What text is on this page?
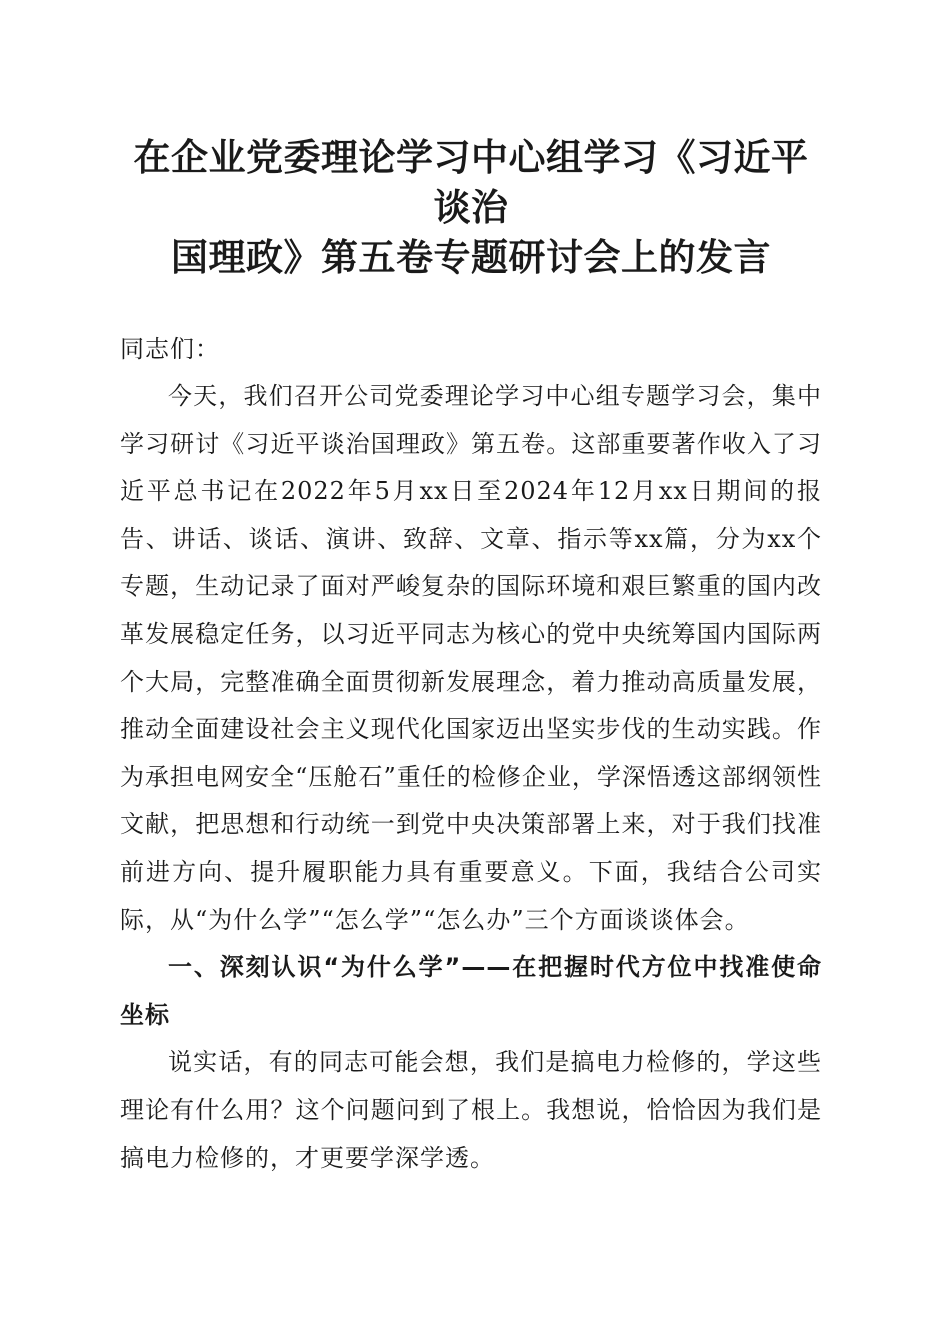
在企业党委理论学习中心组学习《习近平谈治
国理政》第五卷专题研讨会上的发言

同志们：

今天，我们召开公司党委理论学习中心组专题学习会，集中学习研讨《习近平谈治国理政》第五卷。这部重要著作收入了习近平总书记在2022年5月xx日至2024年12月xx日期间的报告、讲话、谈话、演讲、致辞、文章、指示等xx篇，分为xx个专题，生动记录了面对严峻复杂的国际环境和艰巨繁重的国内改革发展稳定任务，以习近平同志为核心的党中央统筹国内国际两个大局，完整准确全面贯彻新发展理念，着力推动高质量发展，推动全面建设社会主义现代化国家迈出坚实步伐的生动实践。作为承担电网安全“压舱石”重任的检修企业，学深悟透这部纲领性文献，把思想和行动统一到党中央决策部署上来，对于我们找准前进方向、提升履职能力具有重要意义。下面，我结合公司实际，从“为什么学”“怎么学”“怎么办”三个方面谈谈体会。

一、深刻认识“为什么学”——在把握时代方位中找准使命坐标

说实话，有的同志可能会想，我们是搞电力检修的，学这些理论有什么用？这个问题问到了根上。我想说，恰恰因为我们是搞电力检修的，才更要学深学透。
